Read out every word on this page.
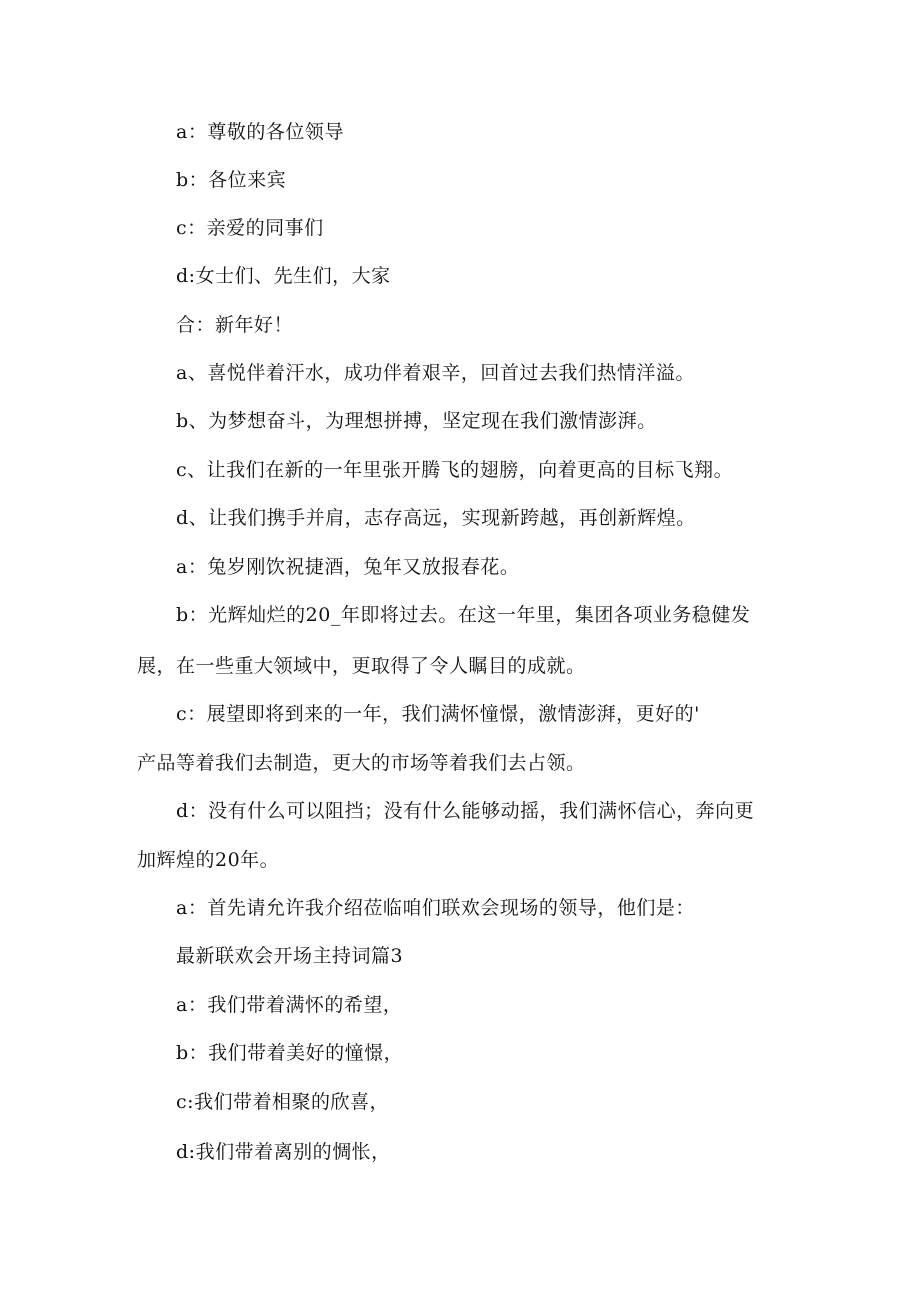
a：尊敬的各位领导
b：各位来宾
c：亲爱的同事们
d:女士们、先生们，大家
合：新年好！
a、喜悦伴着汗水，成功伴着艰辛，回首过去我们热情洋溢。
b、为梦想奋斗，为理想拼搏，坚定现在我们激情澎湃。
c、让我们在新的一年里张开腾飞的翅膀，向着更高的目标飞翔。
d、让我们携手并肩，志存高远，实现新跨越，再创新辉煌。
a：兔岁刚饮祝捷酒，兔年又放报春花。
b：光辉灿烂的20_年即将过去。在这一年里，集团各项业务稳健发
展，在一些重大领域中，更取得了令人瞩目的成就。
c：展望即将到来的一年，我们满怀憧憬，激情澎湃，更好的'
产品等着我们去制造，更大的市场等着我们去占领。
d：没有什么可以阻挡；没有什么能够动摇，我们满怀信心，奔向更
加辉煌的20年。
a：首先请允许我介绍莅临咱们联欢会现场的领导，他们是：
最新联欢会开场主持词篇3
a：我们带着满怀的希望，
b：我们带着美好的憧憬，
c:我们带着相聚的欣喜，
d:我们带着离别的惆怅，
